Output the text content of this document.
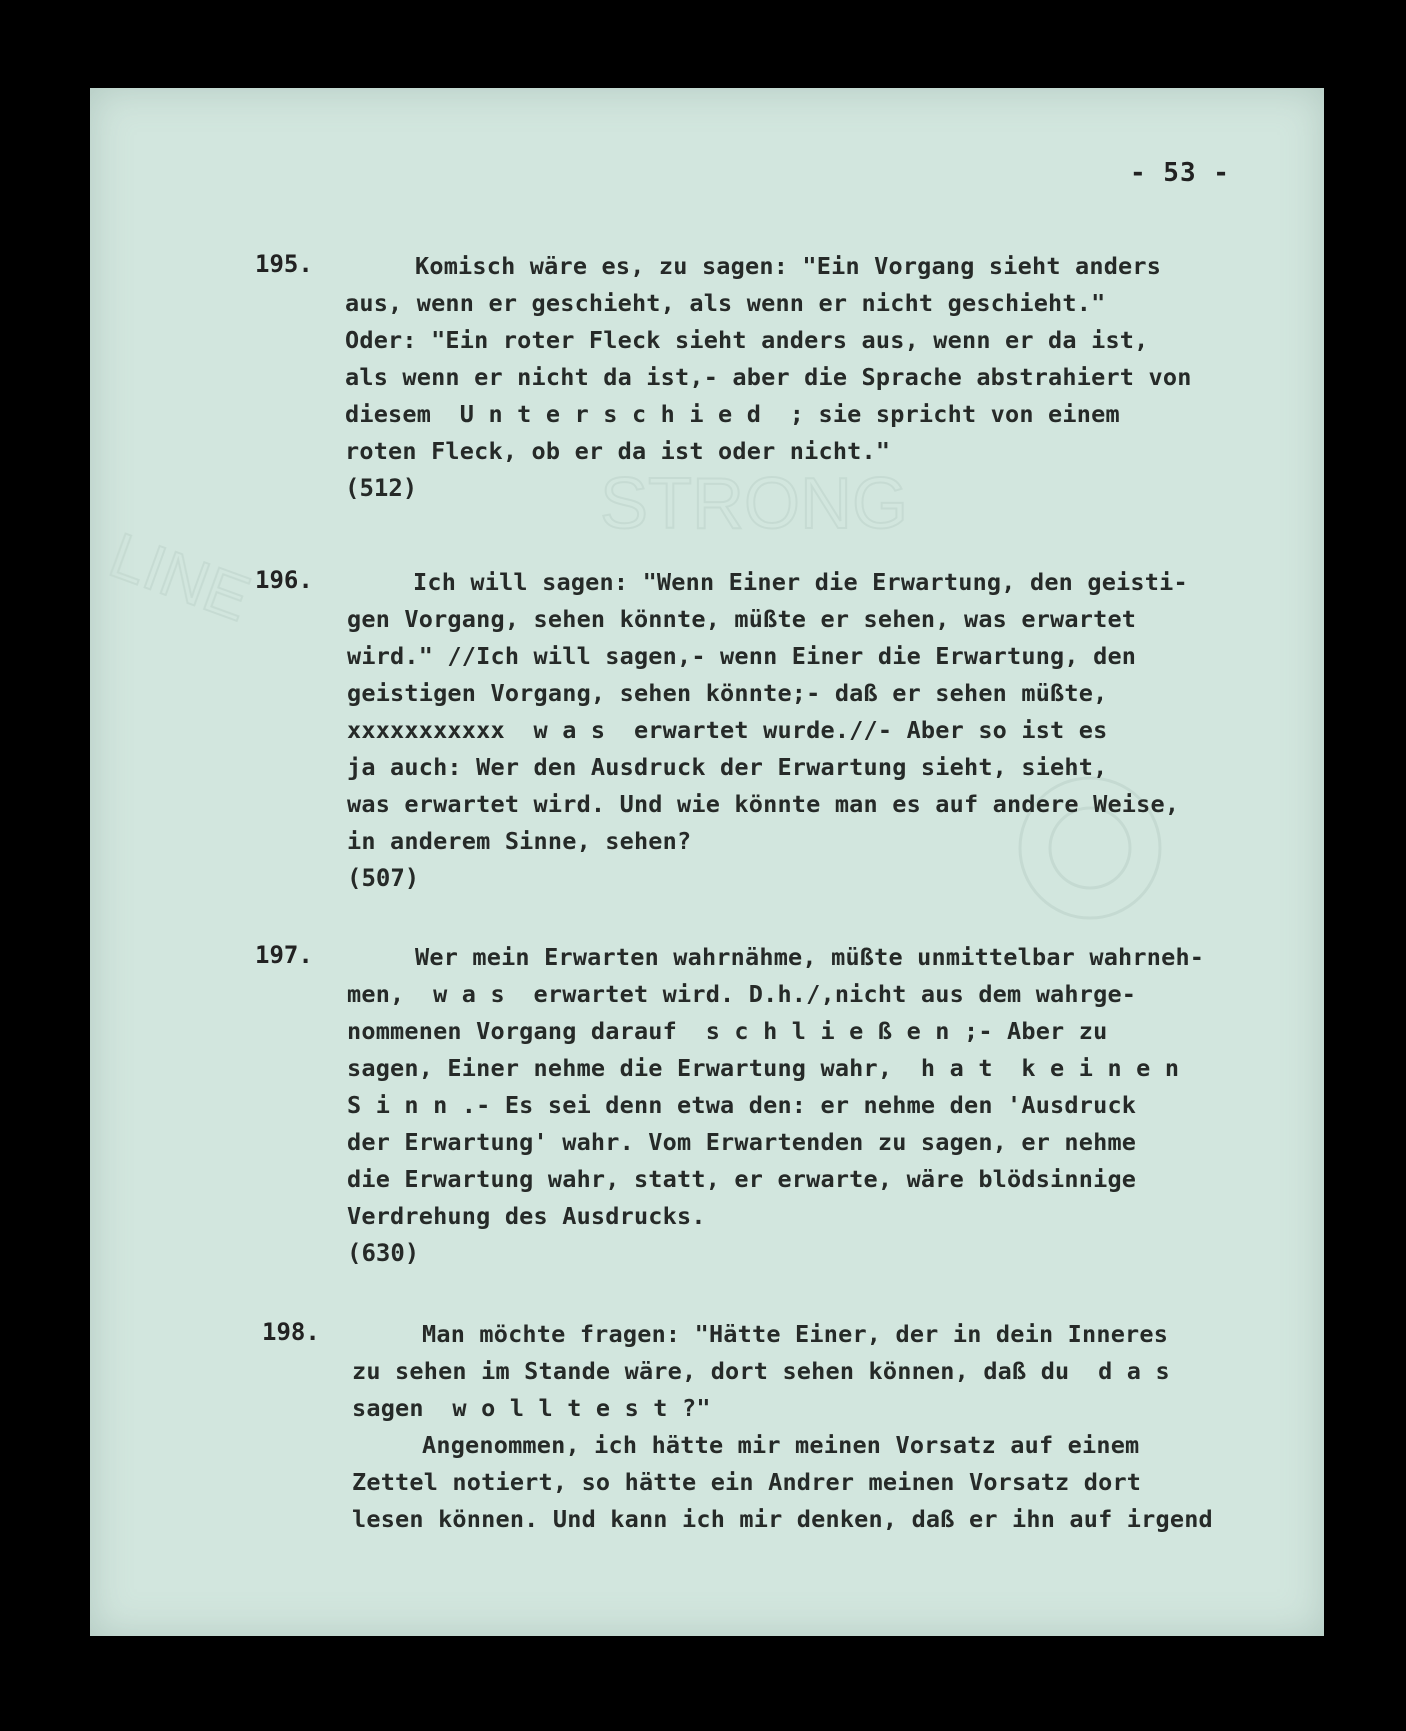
STRONG
LINE
- 53 -
195.	Komisch wäre es, zu sagen: "Ein Vorgang sieht anders
aus, wenn er geschieht, als wenn er nicht geschieht."
Oder: "Ein roter Fleck sieht anders aus, wenn er da ist,
als wenn er nicht da ist,- aber die Sprache abstrahiert von
diesem  U n t e r s c h i e d  ; sie spricht von einem
roten Fleck, ob er da ist oder nicht."
(512)
196.	Ich will sagen: "Wenn Einer die Erwartung, den geisti-
gen Vorgang, sehen könnte, müßte er sehen, was erwartet
wird." //Ich will sagen,- wenn Einer die Erwartung, den
geistigen Vorgang, sehen könnte;- daß er sehen müßte,
xxxxxxxxxxx  w a s  erwartet wurde.//- Aber so ist es
ja auch: Wer den Ausdruck der Erwartung sieht, sieht,
was erwartet wird. Und wie könnte man es auf andere Weise,
in anderem Sinne, sehen?
(507)
197.	Wer mein Erwarten wahrnähme, müßte unmittelbar wahrneh-
men,  w a s  erwartet wird. D.h./,nicht aus dem wahrge-
nommenen Vorgang darauf  s c h l i e ß e n ;- Aber zu
sagen, Einer nehme die Erwartung wahr,  h a t  k e i n e n
S i n n .- Es sei denn etwa den: er nehme den 'Ausdruck
der Erwartung' wahr. Vom Erwartenden zu sagen, er nehme
die Erwartung wahr, statt, er erwarte, wäre blödsinnige
Verdrehung des Ausdrucks.
(630)
198.	Man möchte fragen: "Hätte Einer, der in dein Inneres
zu sehen im Stande wäre, dort sehen können, daß du  d a s
sagen  w o l l t e s t ?"
Angenommen, ich hätte mir meinen Vorsatz auf einem
Zettel notiert, so hätte ein Andrer meinen Vorsatz dort
lesen können. Und kann ich mir denken, daß er ihn auf irgend
